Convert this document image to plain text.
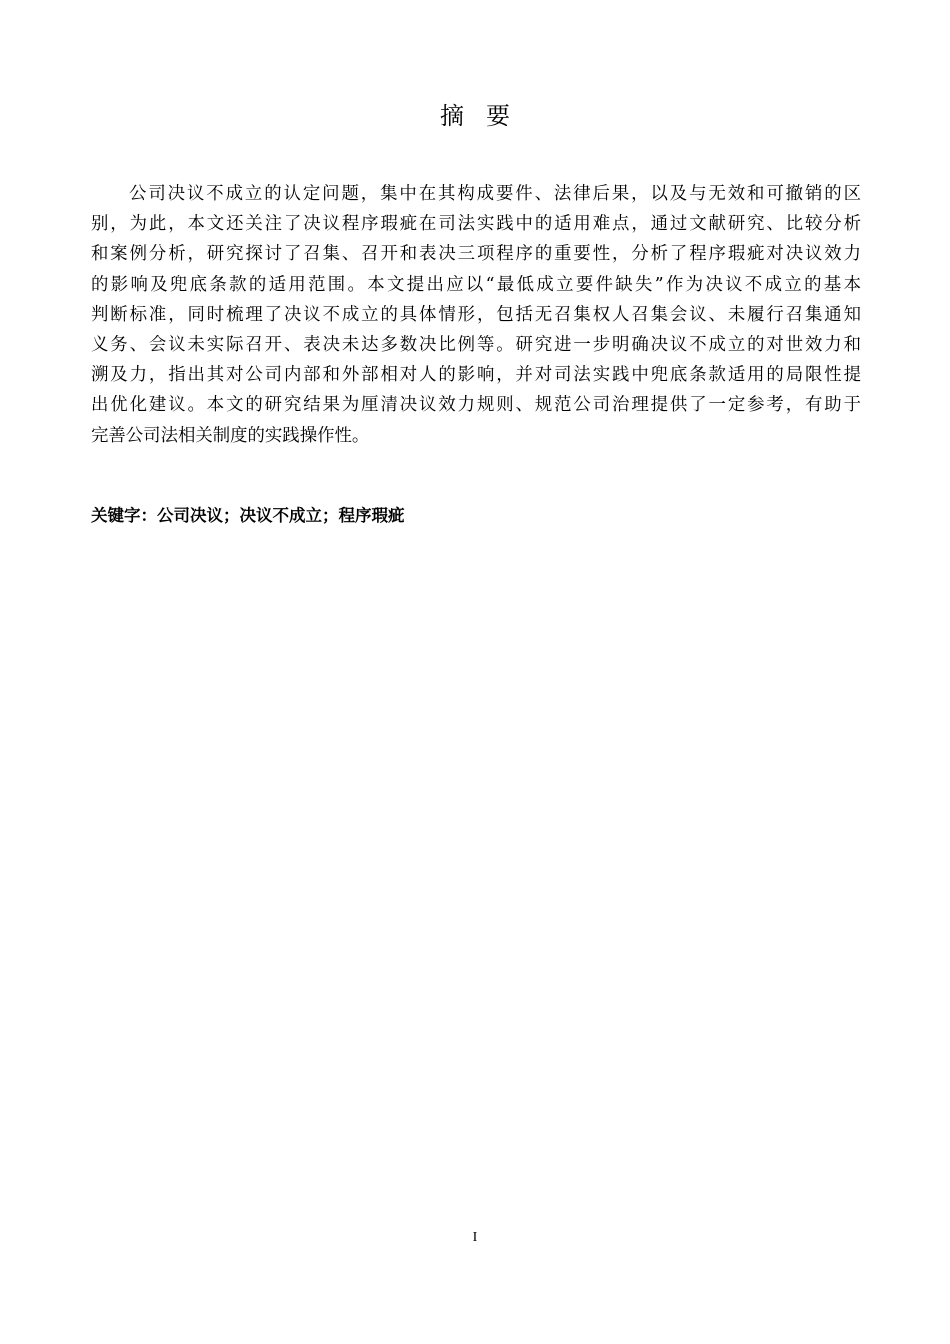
摘要
公司决议不成立的认定问题，集中在其构成要件、法律后果，以及与无效和可撤销的区
别，为此，本文还关注了决议程序瑕疵在司法实践中的适用难点，通过文献研究、比较分析
和案例分析，研究探讨了召集、召开和表决三项程序的重要性，分析了程序瑕疵对决议效力
的影响及兜底条款的适用范围。本文提出应以“最低成立要件缺失”作为决议不成立的基本
判断标准，同时梳理了决议不成立的具体情形，包括无召集权人召集会议、未履行召集通知
义务、会议未实际召开、表决未达多数决比例等。研究进一步明确决议不成立的对世效力和
溯及力，指出其对公司内部和外部相对人的影响，并对司法实践中兜底条款适用的局限性提
出优化建议。本文的研究结果为厘清决议效力规则、规范公司治理提供了一定参考，有助于
完善公司法相关制度的实践操作性。
关键字：公司决议；决议不成立；程序瑕疵
I
